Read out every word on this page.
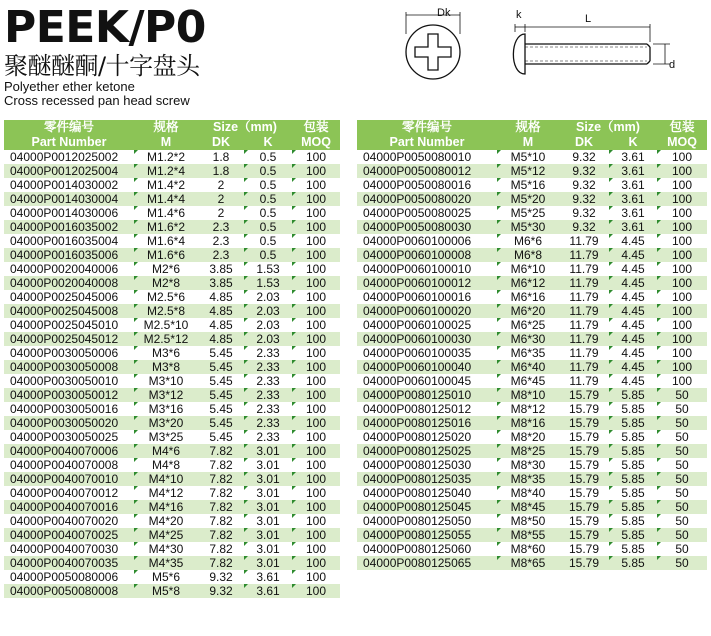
PEEK/P0
聚醚醚酮/十字盘头
Polyether ether ketone
Cross recessed pan head screw
Dk	k	L
d
零件编号	规格	Size（mm)		包装
Part Number	M	DK	K	MOQ
04000P0012025002	M1.2*2	1.8	0.5	100
04000P0012025004	M1.2*4	1.8	0.5	100
04000P0014030002	M1.4*2	2	0.5	100
04000P0014030004	M1.4*4	2	0.5	100
04000P0014030006	M1.4*6	2	0.5	100
04000P0016035002	M1.6*2	2.3	0.5	100
04000P0016035004	M1.6*4	2.3	0.5	100
04000P0016035006	M1.6*6	2.3	0.5	100
04000P0020040006	M2*6	3.85	1.53	100
04000P0020040008	M2*8	3.85	1.53	100
04000P0025045006	M2.5*6	4.85	2.03	100
04000P0025045008	M2.5*8	4.85	2.03	100
04000P0025045010	M2.5*10	4.85	2.03	100
04000P0025045012	M2.5*12	4.85	2.03	100
04000P0030050006	M3*6	5.45	2.33	100
04000P0030050008	M3*8	5.45	2.33	100
04000P0030050010	M3*10	5.45	2.33	100
04000P0030050012	M3*12	5.45	2.33	100
04000P0030050016	M3*16	5.45	2.33	100
04000P0030050020	M3*20	5.45	2.33	100
04000P0030050025	M3*25	5.45	2.33	100
04000P0040070006	M4*6	7.82	3.01	100
04000P0040070008	M4*8	7.82	3.01	100
04000P0040070010	M4*10	7.82	3.01	100
04000P0040070012	M4*12	7.82	3.01	100
04000P0040070016	M4*16	7.82	3.01	100
04000P0040070020	M4*20	7.82	3.01	100
04000P0040070025	M4*25	7.82	3.01	100
04000P0040070030	M4*30	7.82	3.01	100
04000P0040070035	M4*35	7.82	3.01	100
04000P0050080006	M5*6	9.32	3.61	100
04000P0050080008	M5*8	9.32	3.61	100
零件编号	规格	Size（mm)		包装
Part Number	M	DK	K	MOQ
04000P0050080010	M5*10	9.32	3.61	100
04000P0050080012	M5*12	9.32	3.61	100
04000P0050080016	M5*16	9.32	3.61	100
04000P0050080020	M5*20	9.32	3.61	100
04000P0050080025	M5*25	9.32	3.61	100
04000P0050080030	M5*30	9.32	3.61	100
04000P0060100006	M6*6	11.79	4.45	100
04000P0060100008	M6*8	11.79	4.45	100
04000P0060100010	M6*10	11.79	4.45	100
04000P0060100012	M6*12	11.79	4.45	100
04000P0060100016	M6*16	11.79	4.45	100
04000P0060100020	M6*20	11.79	4.45	100
04000P0060100025	M6*25	11.79	4.45	100
04000P0060100030	M6*30	11.79	4.45	100
04000P0060100035	M6*35	11.79	4.45	100
04000P0060100040	M6*40	11.79	4.45	100
04000P0060100045	M6*45	11.79	4.45	100
04000P0080125010	M8*10	15.79	5.85	50
04000P0080125012	M8*12	15.79	5.85	50
04000P0080125016	M8*16	15.79	5.85	50
04000P0080125020	M8*20	15.79	5.85	50
04000P0080125025	M8*25	15.79	5.85	50
04000P0080125030	M8*30	15.79	5.85	50
04000P0080125035	M8*35	15.79	5.85	50
04000P0080125040	M8*40	15.79	5.85	50
04000P0080125045	M8*45	15.79	5.85	50
04000P0080125050	M8*50	15.79	5.85	50
04000P0080125055	M8*55	15.79	5.85	50
04000P0080125060	M8*60	15.79	5.85	50
04000P0080125065	M8*65	15.79	5.85	50
